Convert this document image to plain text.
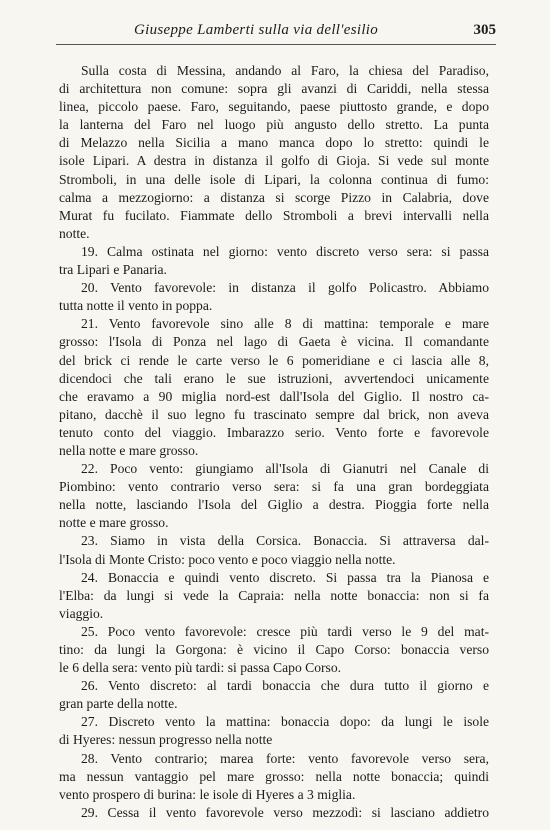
Giuseppe Lamberti sulla via dell'esilio	305
Sulla costa di Messina, andando al Faro, la chiesa del Paradiso,
di architettura non comune: sopra gli avanzi di Cariddi, nella stessa
linea, piccolo paese. Faro, seguitando, paese piuttosto grande, e dopo
la lanterna del Faro nel luogo più angusto dello stretto. La punta
di Melazzo nella Sicilia a mano manca dopo lo stretto: quindi le
isole Lipari. A destra in distanza il golfo di Gioja. Si vede sul monte
Stromboli, in una delle isole di Lipari, la colonna continua di fumo:
calma a mezzogiorno: a distanza si scorge Pizzo in Calabria, dove
Murat fu fucilato. Fiammate dello Stromboli a brevi intervalli nella
notte.
19. Calma ostinata nel giorno: vento discreto verso sera: si passa
tra Lipari e Panaria.
20. Vento favorevole: in distanza il golfo Policastro. Abbiamo
tutta notte il vento in poppa.
21. Vento favorevole sino alle 8 di mattina: temporale e mare
grosso: l'Isola di Ponza nel lago di Gaeta è vicina. Il comandante
del brick ci rende le carte verso le 6 pomeridiane e ci lascia alle 8,
dicendoci che tali erano le sue istruzioni, avvertendoci unicamente
che eravamo a 90 miglia nord-est dall'Isola del Giglio. Il nostro ca-
pitano, dacchè il suo legno fu trascinato sempre dal brick, non aveva
tenuto conto del viaggio. Imbarazzo serio. Vento forte e favorevole
nella notte e mare grosso.
22. Poco vento: giungiamo all'Isola di Gianutri nel Canale di
Piombino: vento contrario verso sera: si fa una gran bordeggiata
nella notte, lasciando l'Isola del Giglio a destra. Pioggia forte nella
notte e mare grosso.
23. Siamo in vista della Corsica. Bonaccia. Si attraversa dal-
l'Isola di Monte Cristo: poco vento e poco viaggio nella notte.
24. Bonaccia e quindi vento discreto. Si passa tra la Pianosa e
l'Elba: da lungi si vede la Capraia: nella notte bonaccia: non si fa
viaggio.
25. Poco vento favorevole: cresce più tardi verso le 9 del mat-
tino: da lungi la Gorgona: è vicino il Capo Corso: bonaccia verso
le 6 della sera: vento più tardi: si passa Capo Corso.
26. Vento discreto: al tardi bonaccia che dura tutto il giorno e
gran parte della notte.
27. Discreto vento la mattina: bonaccia dopo: da lungi le isole
di Hyeres: nessun progresso nella notte
28. Vento contrario; marea forte: vento favorevole verso sera,
ma nessun vantaggio pel mare grosso: nella notte bonaccia; quindi
vento prospero di burina: le isole di Hyeres a 3 miglia.
29. Cessa il vento favorevole verso mezzodì: si lasciano addietro
